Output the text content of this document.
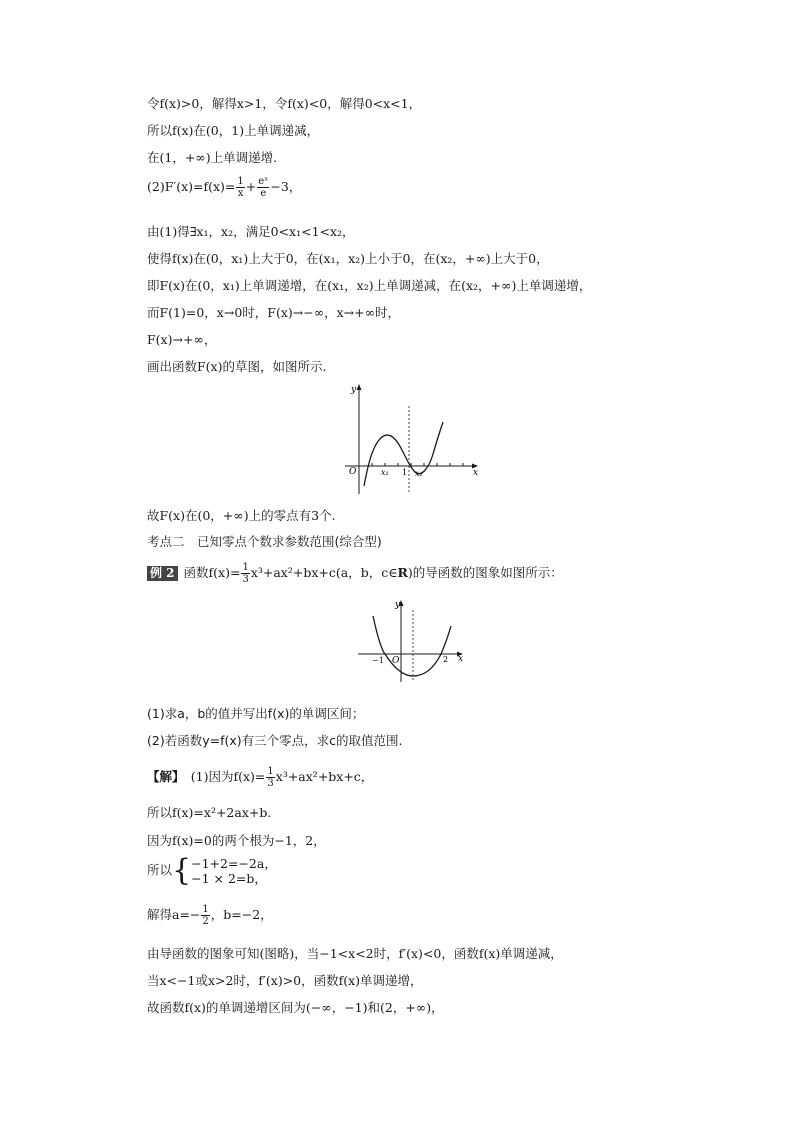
令f(x)>0，解得x>1，令f(x)<0，解得0<x<1，
所以f(x)在(0，1)上单调递减，
在(1，+∞)上单调递增.
$(2)F'(x)=f(x)= \frac{1}{x} + \frac{\text{eˣ}}{e} -3$，
由(1)得∃x₁，x₂，满足0<x₁<1<x₂，
使得f(x)在(0，x₁)上大于0，在(x₁，x₂)上小于0，在(x₂，+∞)上大于0，
即F(x)在(0，x₁)上单调递增，在(x₁，x₂)上单调递减，在(x₂，+∞)上单调递增，
而F(1)=0，x→0时，F(x)→−∞，x→+∞时，
F(x)→+∞，
画出函数F(x)的草图，如图所示.
y
x
O	x₁ 1 x₂
故F(x)在(0，+∞)上的零点有3个.
考点二　已知零点个数求参数范围(综合型)
例 2 函数$f(x)= \frac{1}{3} x^3+ax^2+bx+c(a$，b，c∈R)的导函数的图象如图所示：
y
x
O
−1	2
(1)求a，b的值并写出f(x)的单调区间；
(2)若函数y=f(x)有三个零点，求c的取值范围.
【解】　(1)因为$f(x)= \frac{1}{3} x^3+ax^2+bx+c$，
所以f(x)=x²+2ax+b.
因为f(x)=0的两个根为−1，2，
所以{ −1+2=−2a，
−1 × 2=b，
解得$a=- \frac{1}{2}$ ，b=−2，
由导函数的图象可知(图略)，当−1<x<2时，f′(x)<0，函数f(x)单调递减，
当x<−1或x>2时，f′(x)>0，函数f(x)单调递增，
故函数f(x)的单调递增区间为(−∞，−1)和(2，+∞)，
